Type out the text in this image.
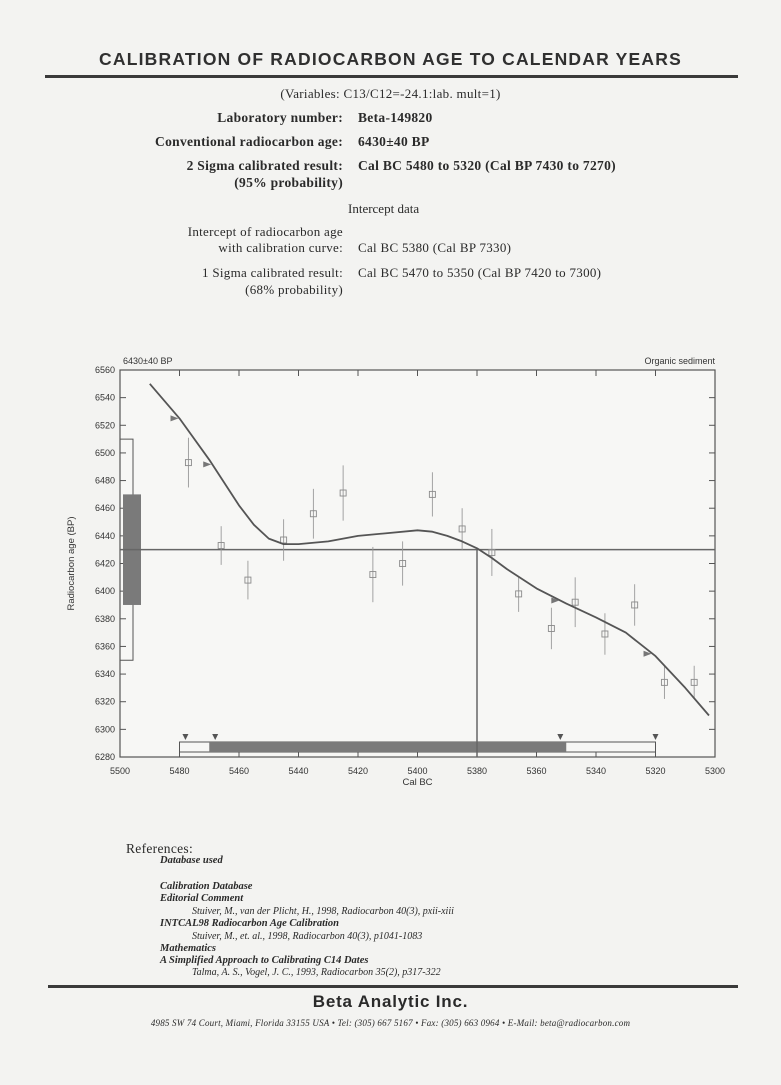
CALIBRATION OF RADIOCARBON AGE TO CALENDAR YEARS
(Variables: C13/C12=-24.1:lab. mult=1)
Laboratory number: Beta-149820
Conventional radiocarbon age: 6430±40 BP
2 Sigma calibrated result:
(95% probability)
Cal BC 5480 to 5320 (Cal BP 7430 to 7270)
Intercept data
Intercept of radiocarbon age
with calibration curve: Cal BC 5380 (Cal BP 7330)
1 Sigma calibrated result:
(68% probability)
Cal BC 5470 to 5350 (Cal BP 7420 to 7300)
6560
6540
6520
6500
6480
6460
6440
6420
6400
6380
6360
6340
6320
6300
6280
5500	5480	5460	5440	5420	5400	5380	5360	5340	5320	5300
6430±40 BP	Organic sediment
Cal BC
Radiocarbon age (BP)
References:
Database used
Calibration Database
Editorial Comment
Stuiver, M., van der Plicht, H., 1998, Radiocarbon 40(3), pxii-xiii
INTCAL98 Radiocarbon Age Calibration
Stuiver, M., et. al., 1998, Radiocarbon 40(3), p1041-1083
Mathematics
A Simplified Approach to Calibrating C14 Dates
Talma, A. S., Vogel, J. C., 1993, Radiocarbon 35(2), p317-322
Beta Analytic Inc.
4985 SW 74 Court, Miami, Florida 33155 USA • Tel: (305) 667 5167 • Fax: (305) 663 0964 • E-Mail: beta@radiocarbon.com
